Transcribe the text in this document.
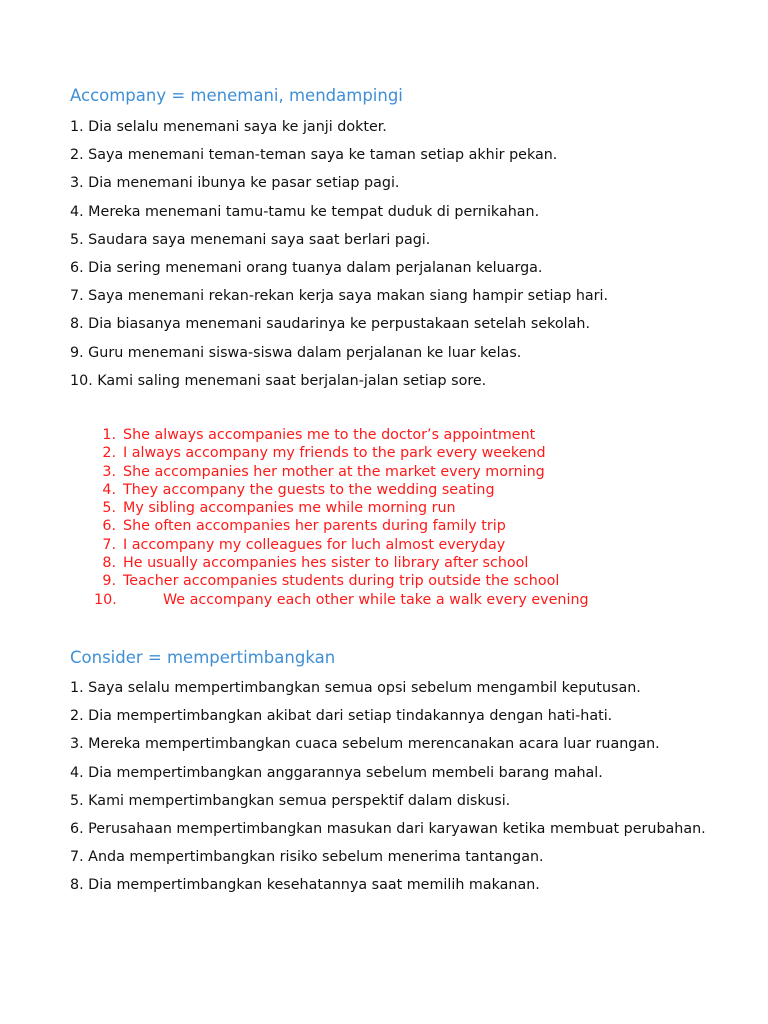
Accompany = menemani, mendampingi
1. Dia selalu menemani saya ke janji dokter.
2. Saya menemani teman-teman saya ke taman setiap akhir pekan.
3. Dia menemani ibunya ke pasar setiap pagi.
4. Mereka menemani tamu-tamu ke tempat duduk di pernikahan.
5. Saudara saya menemani saya saat berlari pagi.
6. Dia sering menemani orang tuanya dalam perjalanan keluarga.
7. Saya menemani rekan-rekan kerja saya makan siang hampir setiap hari.
8. Dia biasanya menemani saudarinya ke perpustakaan setelah sekolah.
9. Guru menemani siswa-siswa dalam perjalanan ke luar kelas.
10. Kami saling menemani saat berjalan-jalan setiap sore.
1. She always accompanies me to the doctor’s appointment
2. I always accompany my friends to the park every weekend
3. She accompanies her mother at the market every morning
4. They accompany the guests to the wedding seating
5. My sibling accompanies me while morning run
6. She often accompanies her parents during family trip
7. I accompany my colleagues for luch almost everyday
8. He usually accompanies hes sister to library after school
9. Teacher accompanies students during trip outside the school
10.	We accompany each other while take a walk every evening
Consider = mempertimbangkan
1. Saya selalu mempertimbangkan semua opsi sebelum mengambil keputusan.
2. Dia mempertimbangkan akibat dari setiap tindakannya dengan hati-hati.
3. Mereka mempertimbangkan cuaca sebelum merencanakan acara luar ruangan.
4. Dia mempertimbangkan anggarannya sebelum membeli barang mahal.
5. Kami mempertimbangkan semua perspektif dalam diskusi.
6. Perusahaan mempertimbangkan masukan dari karyawan ketika membuat perubahan.
7. Anda mempertimbangkan risiko sebelum menerima tantangan.
8. Dia mempertimbangkan kesehatannya saat memilih makanan.
